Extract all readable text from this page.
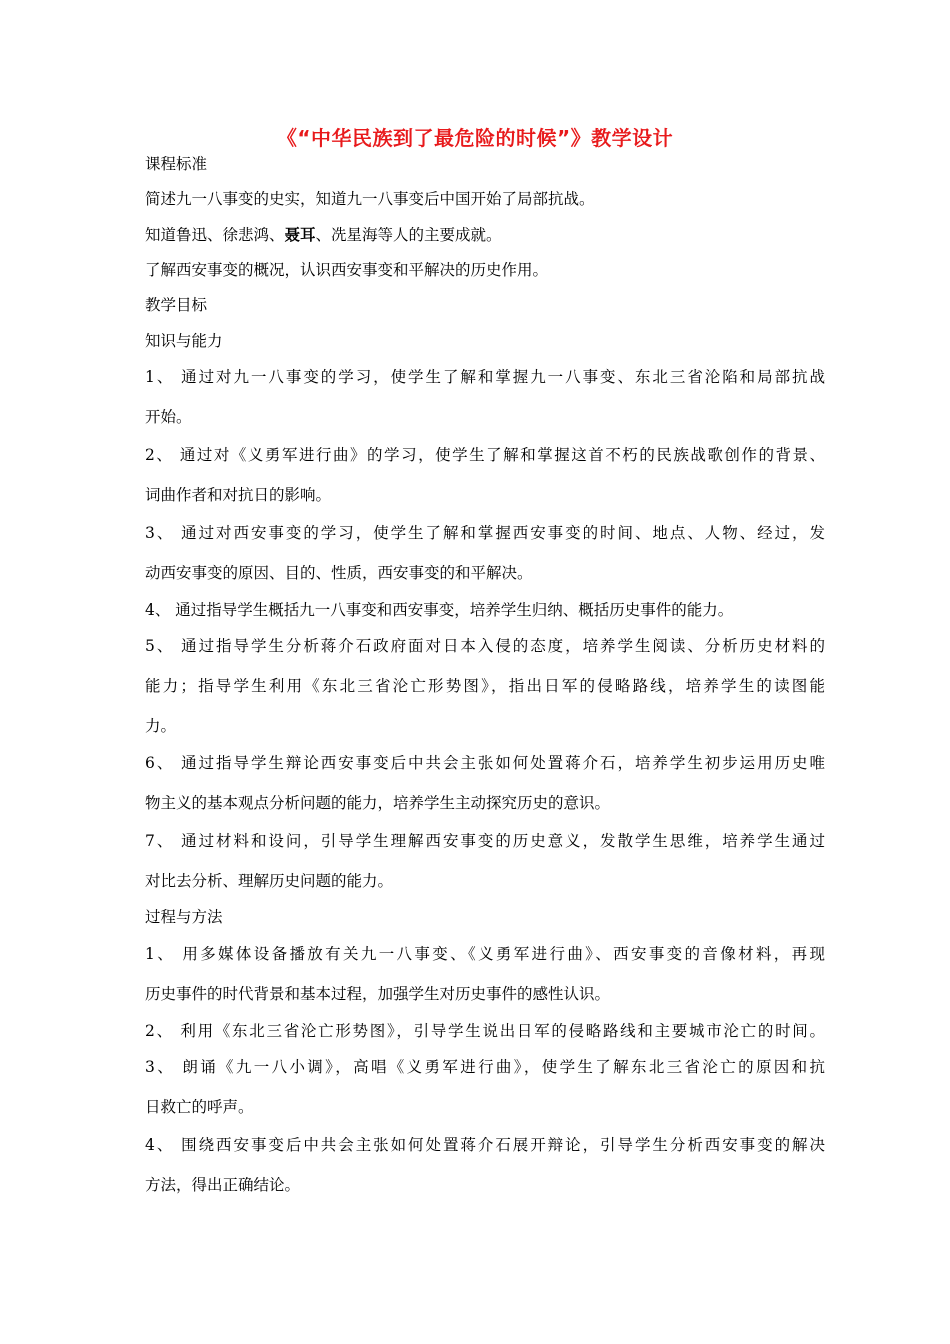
《“中华民族到了最危险的时候”》教学设计
课程标准
简述九一八事变的史实，知道九一八事变后中国开始了局部抗战。
知道鲁迅、徐悲鸿、聂耳、冼星海等人的主要成就。
了解西安事变的概况，认识西安事变和平解决的历史作用。
教学目标
知识与能力
1、 通过对九一八事变的学习，使学生了解和掌握九一八事变、东北三省沦陷和局部抗战
开始。
2、 通过对《义勇军进行曲》的学习，使学生了解和掌握这首不朽的民族战歌创作的背景、
词曲作者和对抗日的影响。
3、 通过对西安事变的学习，使学生了解和掌握西安事变的时间、地点、人物、经过，发
动西安事变的原因、目的、性质，西安事变的和平解决。
4、 通过指导学生概括九一八事变和西安事变，培养学生归纳、概括历史事件的能力。
5、 通过指导学生分析蒋介石政府面对日本入侵的态度，培养学生阅读、分析历史材料的
能力；指导学生利用《东北三省沦亡形势图》，指出日军的侵略路线，培养学生的读图能
力。
6、 通过指导学生辩论西安事变后中共会主张如何处置蒋介石，培养学生初步运用历史唯
物主义的基本观点分析问题的能力，培养学生主动探究历史的意识。
7、 通过材料和设问，引导学生理解西安事变的历史意义，发散学生思维，培养学生通过
对比去分析、理解历史问题的能力。
过程与方法
1、 用多媒体设备播放有关九一八事变、《义勇军进行曲》、西安事变的音像材料，再现
历史事件的时代背景和基本过程，加强学生对历史事件的感性认识。
2、 利用《东北三省沦亡形势图》，引导学生说出日军的侵略路线和主要城市沦亡的时间。
3、 朗诵《九一八小调》，高唱《义勇军进行曲》，使学生了解东北三省沦亡的原因和抗
日救亡的呼声。
4、 围绕西安事变后中共会主张如何处置蒋介石展开辩论，引导学生分析西安事变的解决
方法，得出正确结论。
